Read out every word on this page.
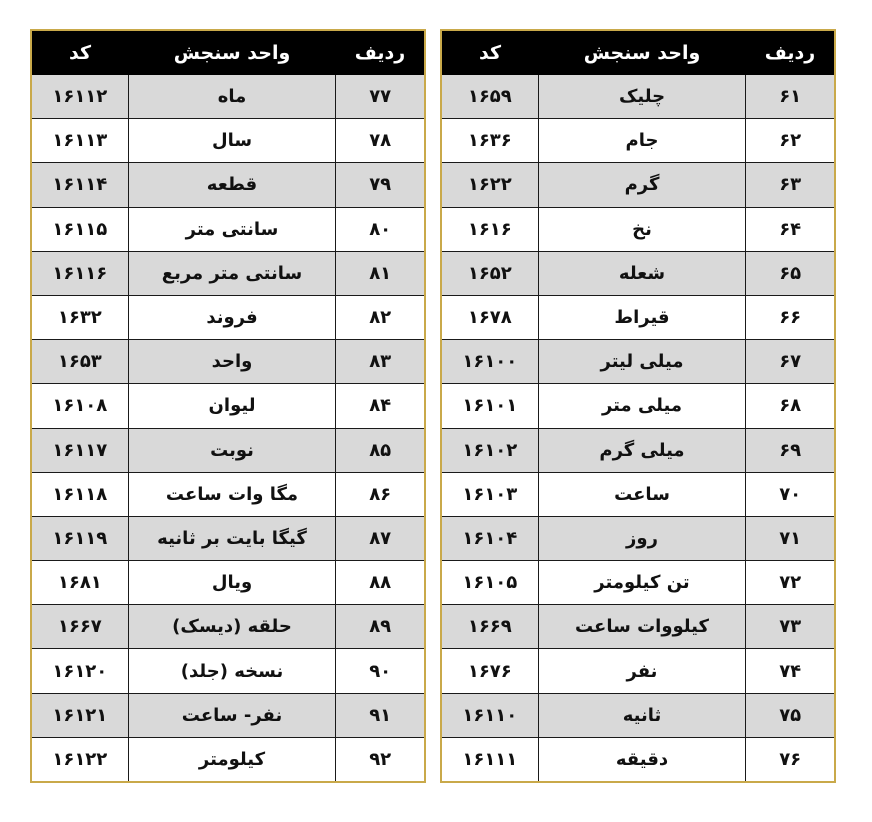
ردیف	واحد سنجش	کد
۶۱	چلیک	۱۶۵۹
۶۲	جام	۱۶۳۶
۶۳	گرم	۱۶۲۲
۶۴	نخ	۱۶۱۶
۶۵	شعله	۱۶۵۲
۶۶	قیراط	۱۶۷۸
۶۷	میلی لیتر	۱۶۱۰۰
۶۸	میلی متر	۱۶۱۰۱
۶۹	میلی گرم	۱۶۱۰۲
۷۰	ساعت	۱۶۱۰۳
۷۱	روز	۱۶۱۰۴
۷۲	تن کیلومتر	۱۶۱۰۵
۷۳	کیلووات ساعت	۱۶۶۹
۷۴	نفر	۱۶۷۶
۷۵	ثانیه	۱۶۱۱۰
۷۶	دقیقه	۱۶۱۱۱
ردیف	واحد سنجش	کد
۷۷	ماه	۱۶۱۱۲
۷۸	سال	۱۶۱۱۳
۷۹	قطعه	۱۶۱۱۴
۸۰	سانتی متر	۱۶۱۱۵
۸۱	سانتی متر مربع	۱۶۱۱۶
۸۲	فروند	۱۶۳۲
۸۳	واحد	۱۶۵۳
۸۴	لیوان	۱۶۱۰۸
۸۵	نوبت	۱۶۱۱۷
۸۶	مگا وات ساعت	۱۶۱۱۸
۸۷	گیگا بایت بر ثانیه	۱۶۱۱۹
۸۸	ویال	۱۶۸۱
۸۹	حلقه (دیسک)	۱۶۶۷
۹۰	نسخه (جلد)	۱۶۱۲۰
۹۱	نفر- ساعت	۱۶۱۲۱
۹۲	کیلومتر	۱۶۱۲۲
